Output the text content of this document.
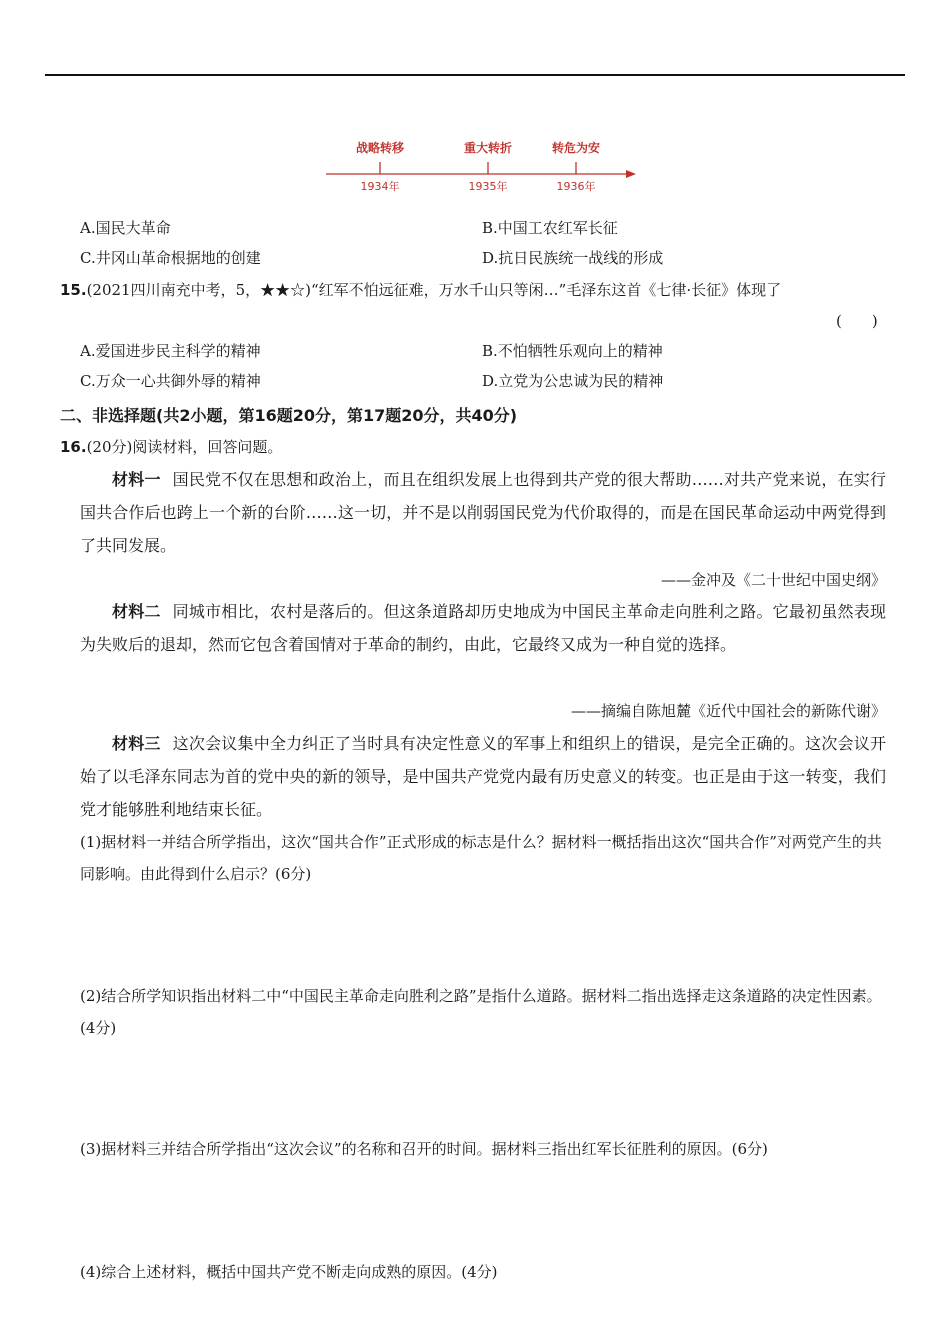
战略转移	重大转折	转危为安
1934年	1935年	1936年
A.国民大革命	B.中国工农红军长征
C.井冈山革命根据地的创建	D.抗日民族统一战线的形成
15.(2021四川南充中考，5，★★☆)“红军不怕远征难，万水千山只等闲…”毛泽东这首《七律·长征》体现了
(　　)
A.爱国进步民主科学的精神	B.不怕牺牲乐观向上的精神
C.万众一心共御外辱的精神	D.立党为公忠诚为民的精神
二、非选择题(共2小题，第16题20分，第17题20分，共40分)
16.(20分)阅读材料，回答问题。
材料一 国民党不仅在思想和政治上，而且在组织发展上也得到共产党的很大帮助……对共产党来说，在实行国共合作后也跨上一个新的台阶……这一切，并不是以削弱国民党为代价取得的，而是在国民革命运动中两党得到了共同发展。
——金冲及《二十世纪中国史纲》
材料二 同城市相比，农村是落后的。但这条道路却历史地成为中国民主革命走向胜利之路。它最初虽然表现为失败后的退却，然而它包含着国情对于革命的制约，由此，它最终又成为一种自觉的选择。
——摘编自陈旭麓《近代中国社会的新陈代谢》
材料三 这次会议集中全力纠正了当时具有决定性意义的军事上和组织上的错误，是完全正确的。这次会议开始了以毛泽东同志为首的党中央的新的领导，是中国共产党党内最有历史意义的转变。也正是由于这一转变，我们党才能够胜利地结束长征。
(1)据材料一并结合所学指出，这次“国共合作”正式形成的标志是什么？据材料一概括指出这次“国共合作”对两党产生的共同影响。由此得到什么启示？(6分)
(2)结合所学知识指出材料二中“中国民主革命走向胜利之路”是指什么道路。据材料二指出选择走这条道路的决定性因素。(4分)
(3)据材料三并结合所学指出“这次会议”的名称和召开的时间。据材料三指出红军长征胜利的原因。(6分)
(4)综合上述材料，概括中国共产党不断走向成熟的原因。(4分)
